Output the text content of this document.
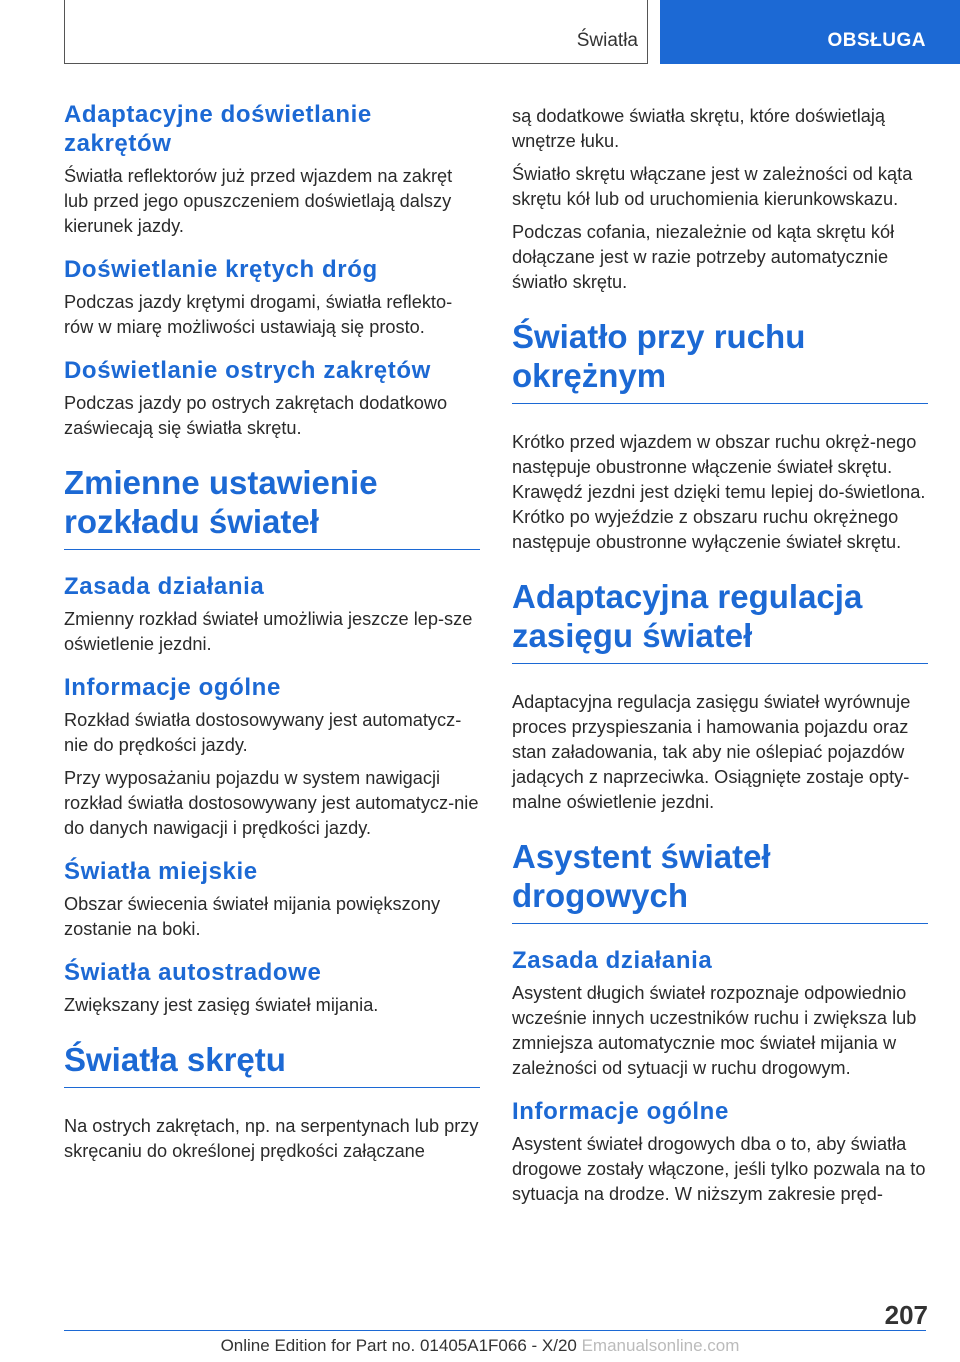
Światła	OBSŁUGA
Adaptacyjne doświetlanie zakrętów

Światła reflektorów już przed wjazdem na zakręt lub przed jego opuszczeniem doświetlają dalszy kierunek jazdy.

Doświetlanie krętych dróg

Podczas jazdy krętymi drogami, światła reflekto-rów w miarę możliwości ustawiają się prosto.

Doświetlanie ostrych zakrętów

Podczas jazdy po ostrych zakrętach dodatkowo zaświecają się światła skrętu.

Zmienne ustawienie rozkładu świateł
Zasada działania

Zmienny rozkład świateł umożliwia jeszcze lep-sze oświetlenie jezdni.

Informacje ogólne

Rozkład światła dostosowywany jest automatycz-nie do prędkości jazdy.

Przy wyposażaniu pojazdu w system nawigacji rozkład światła dostosowywany jest automatycz-nie do danych nawigacji i prędkości jazdy.

Światła miejskie

Obszar świecenia świateł mijania powiększony zostanie na boki.

Światła autostradowe

Zwiększany jest zasięg świateł mijania.

Światła skrętu

Na ostrych zakrętach, np. na serpentynach lub przy skręcaniu do określonej prędkości załączane

są dodatkowe światła skrętu, które doświetlają wnętrze łuku.

Światło skrętu włączane jest w zależności od kąta skrętu kół lub od uruchomienia kierunkowskazu.

Podczas cofania, niezależnie od kąta skrętu kół dołączane jest w razie potrzeby automatycznie światło skrętu.

Światło przy ruchu okrężnym

Krótko przed wjazdem w obszar ruchu okręż-nego następuje obustronne włączenie świateł skrętu. Krawędź jezdni jest dzięki temu lepiej do-świetlona. Krótko po wyjeździe z obszaru ruchu okrężnego następuje obustronne wyłączenie świateł skrętu.

Adaptacyjna regulacja zasięgu świateł

Adaptacyjna regulacja zasięgu świateł wyrównuje proces przyspieszania i hamowania pojazdu oraz stan załadowania, tak aby nie oślepiać pojazdów jadących z naprzeciwka. Osiągnięte zostaje opty-malne oświetlenie jezdni.

Asystent świateł drogowych
Zasada działania

Asystent długich świateł rozpoznaje odpowiednio wcześnie innych uczestników ruchu i zwiększa lub zmniejsza automatycznie moc świateł mijania w zależności od sytuacji w ruchu drogowym.

Informacje ogólne

Asystent świateł drogowych dba o to, aby światła drogowe zostały włączone, jeśli tylko pozwala na to sytuacja na drodze. W niższym zakresie pręd-

207
Online Edition for Part no. 01405A1F066 - X/20 Emanualsonline.com
